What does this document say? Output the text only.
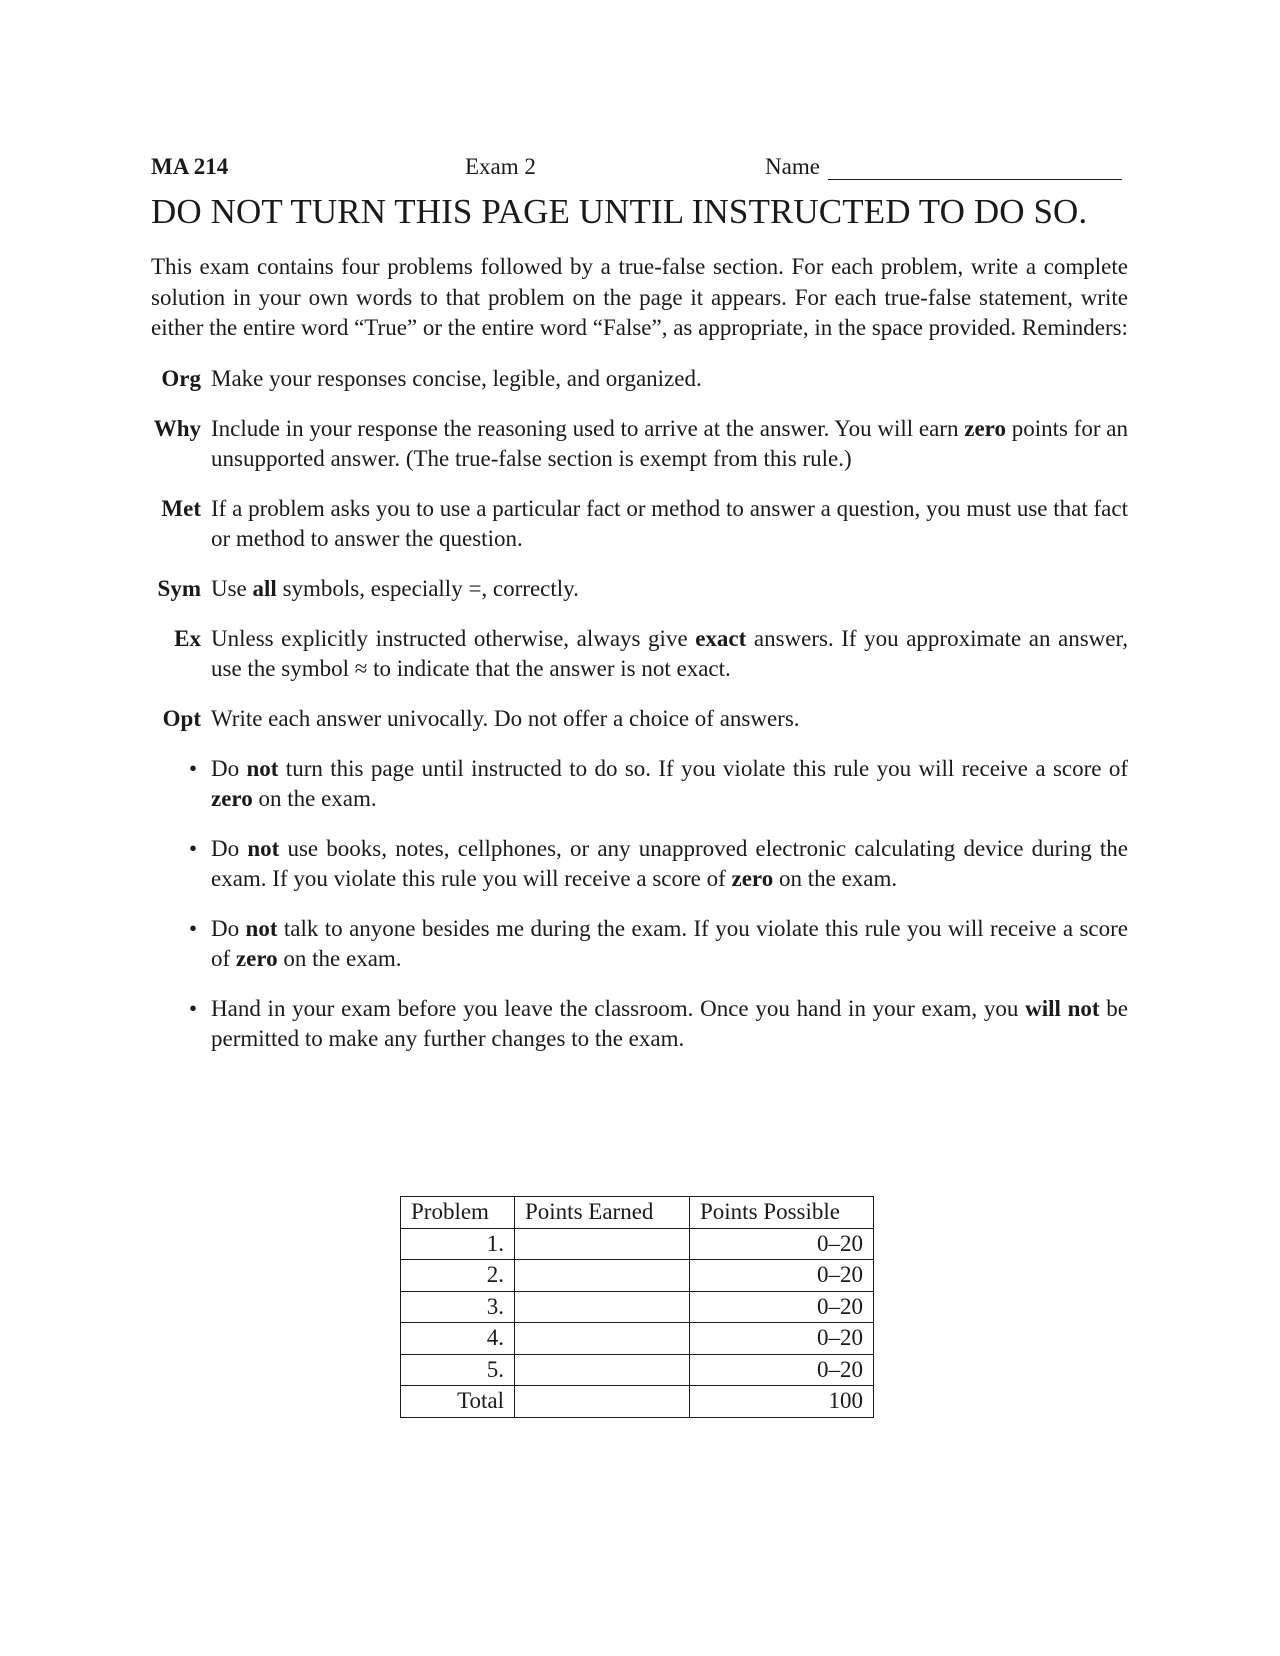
MA 214	Exam 2	Name
DO NOT TURN THIS PAGE UNTIL INSTRUCTED TO DO SO.
This exam contains four problems followed by a true-false section. For each problem, write a complete solution in your own words to that problem on the page it appears. For each true-false statement, write either the entire word “True” or the entire word “False”, as appropriate, in the space provided. Reminders:
Org Make your responses concise, legible, and organized.
Why Include in your response the reasoning used to arrive at the answer. You will earn zero points for an unsupported answer. (The true-false section is exempt from this rule.)
Met If a problem asks you to use a particular fact or method to answer a question, you must use that fact or method to answer the question.
Sym Use all symbols, especially =, correctly.
Ex Unless explicitly instructed otherwise, always give exact answers. If you approximate an answer, use the symbol ≈ to indicate that the answer is not exact.
Opt Write each answer univocally. Do not offer a choice of answers.
• Do not turn this page until instructed to do so. If you violate this rule you will receive a score of zero on the exam.
• Do not use books, notes, cellphones, or any unapproved electronic calculating device during the exam. If you violate this rule you will receive a score of zero on the exam.
• Do not talk to anyone besides me during the exam. If you violate this rule you will receive a score of zero on the exam.
• Hand in your exam before you leave the classroom. Once you hand in your exam, you will not be permitted to make any further changes to the exam.
Problem	Points Earned	Points Possible
1.		0–20
2.		0–20
3.		0–20
4.		0–20
5.		0–20
Total		100
